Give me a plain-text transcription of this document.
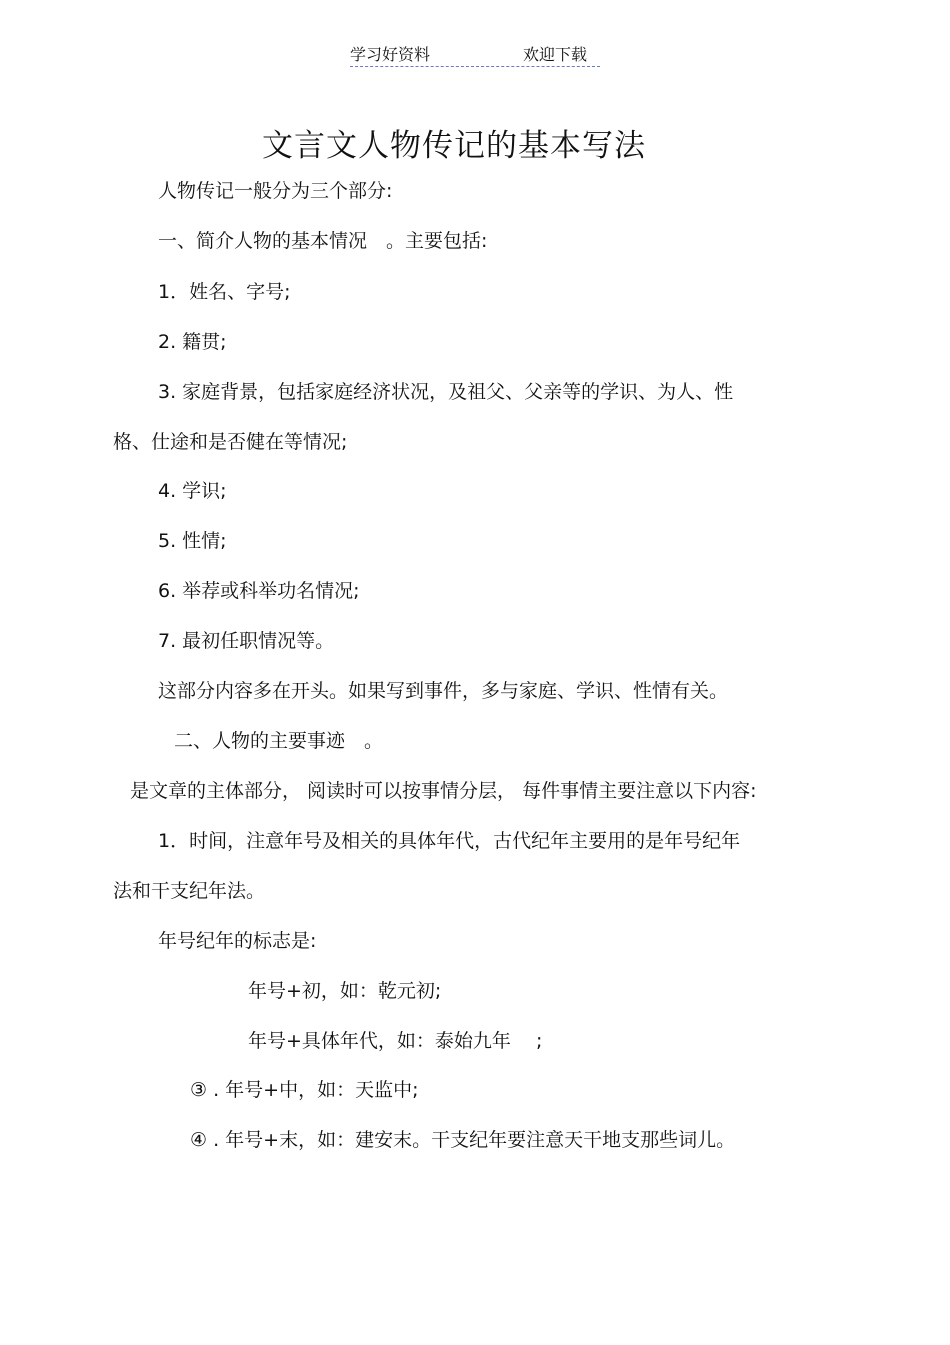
学习好资料	欢迎下载
文言文人物传记的基本写法
人物传记一般分为三个部分:
一、简介人物的基本情况　。主要包括:
1．姓名、字号;
2. 籍贯;
3. 家庭背景，包括家庭经济状况，及祖父、父亲等的学识、为人、性
格、仕途和是否健在等情况;
4. 学识;
5. 性情;
6. 举荐或科举功名情况;
7. 最初任职情况等。
这部分内容多在开头。如果写到事件，多与家庭、学识、性情有关。
二、人物的主要事迹　。
是文章的主体部分， 阅读时可以按事情分层， 每件事情主要注意以下内容:
1．时间，注意年号及相关的具体年代，古代纪年主要用的是年号纪年
法和干支纪年法。
年号纪年的标志是:
年号+初，如：乾元初;
年号+具体年代，如：泰始九年　 ;
③ . 年号+中，如：天监中;
④ . 年号+末，如：建安末。干支纪年要注意天干地支那些词儿。
